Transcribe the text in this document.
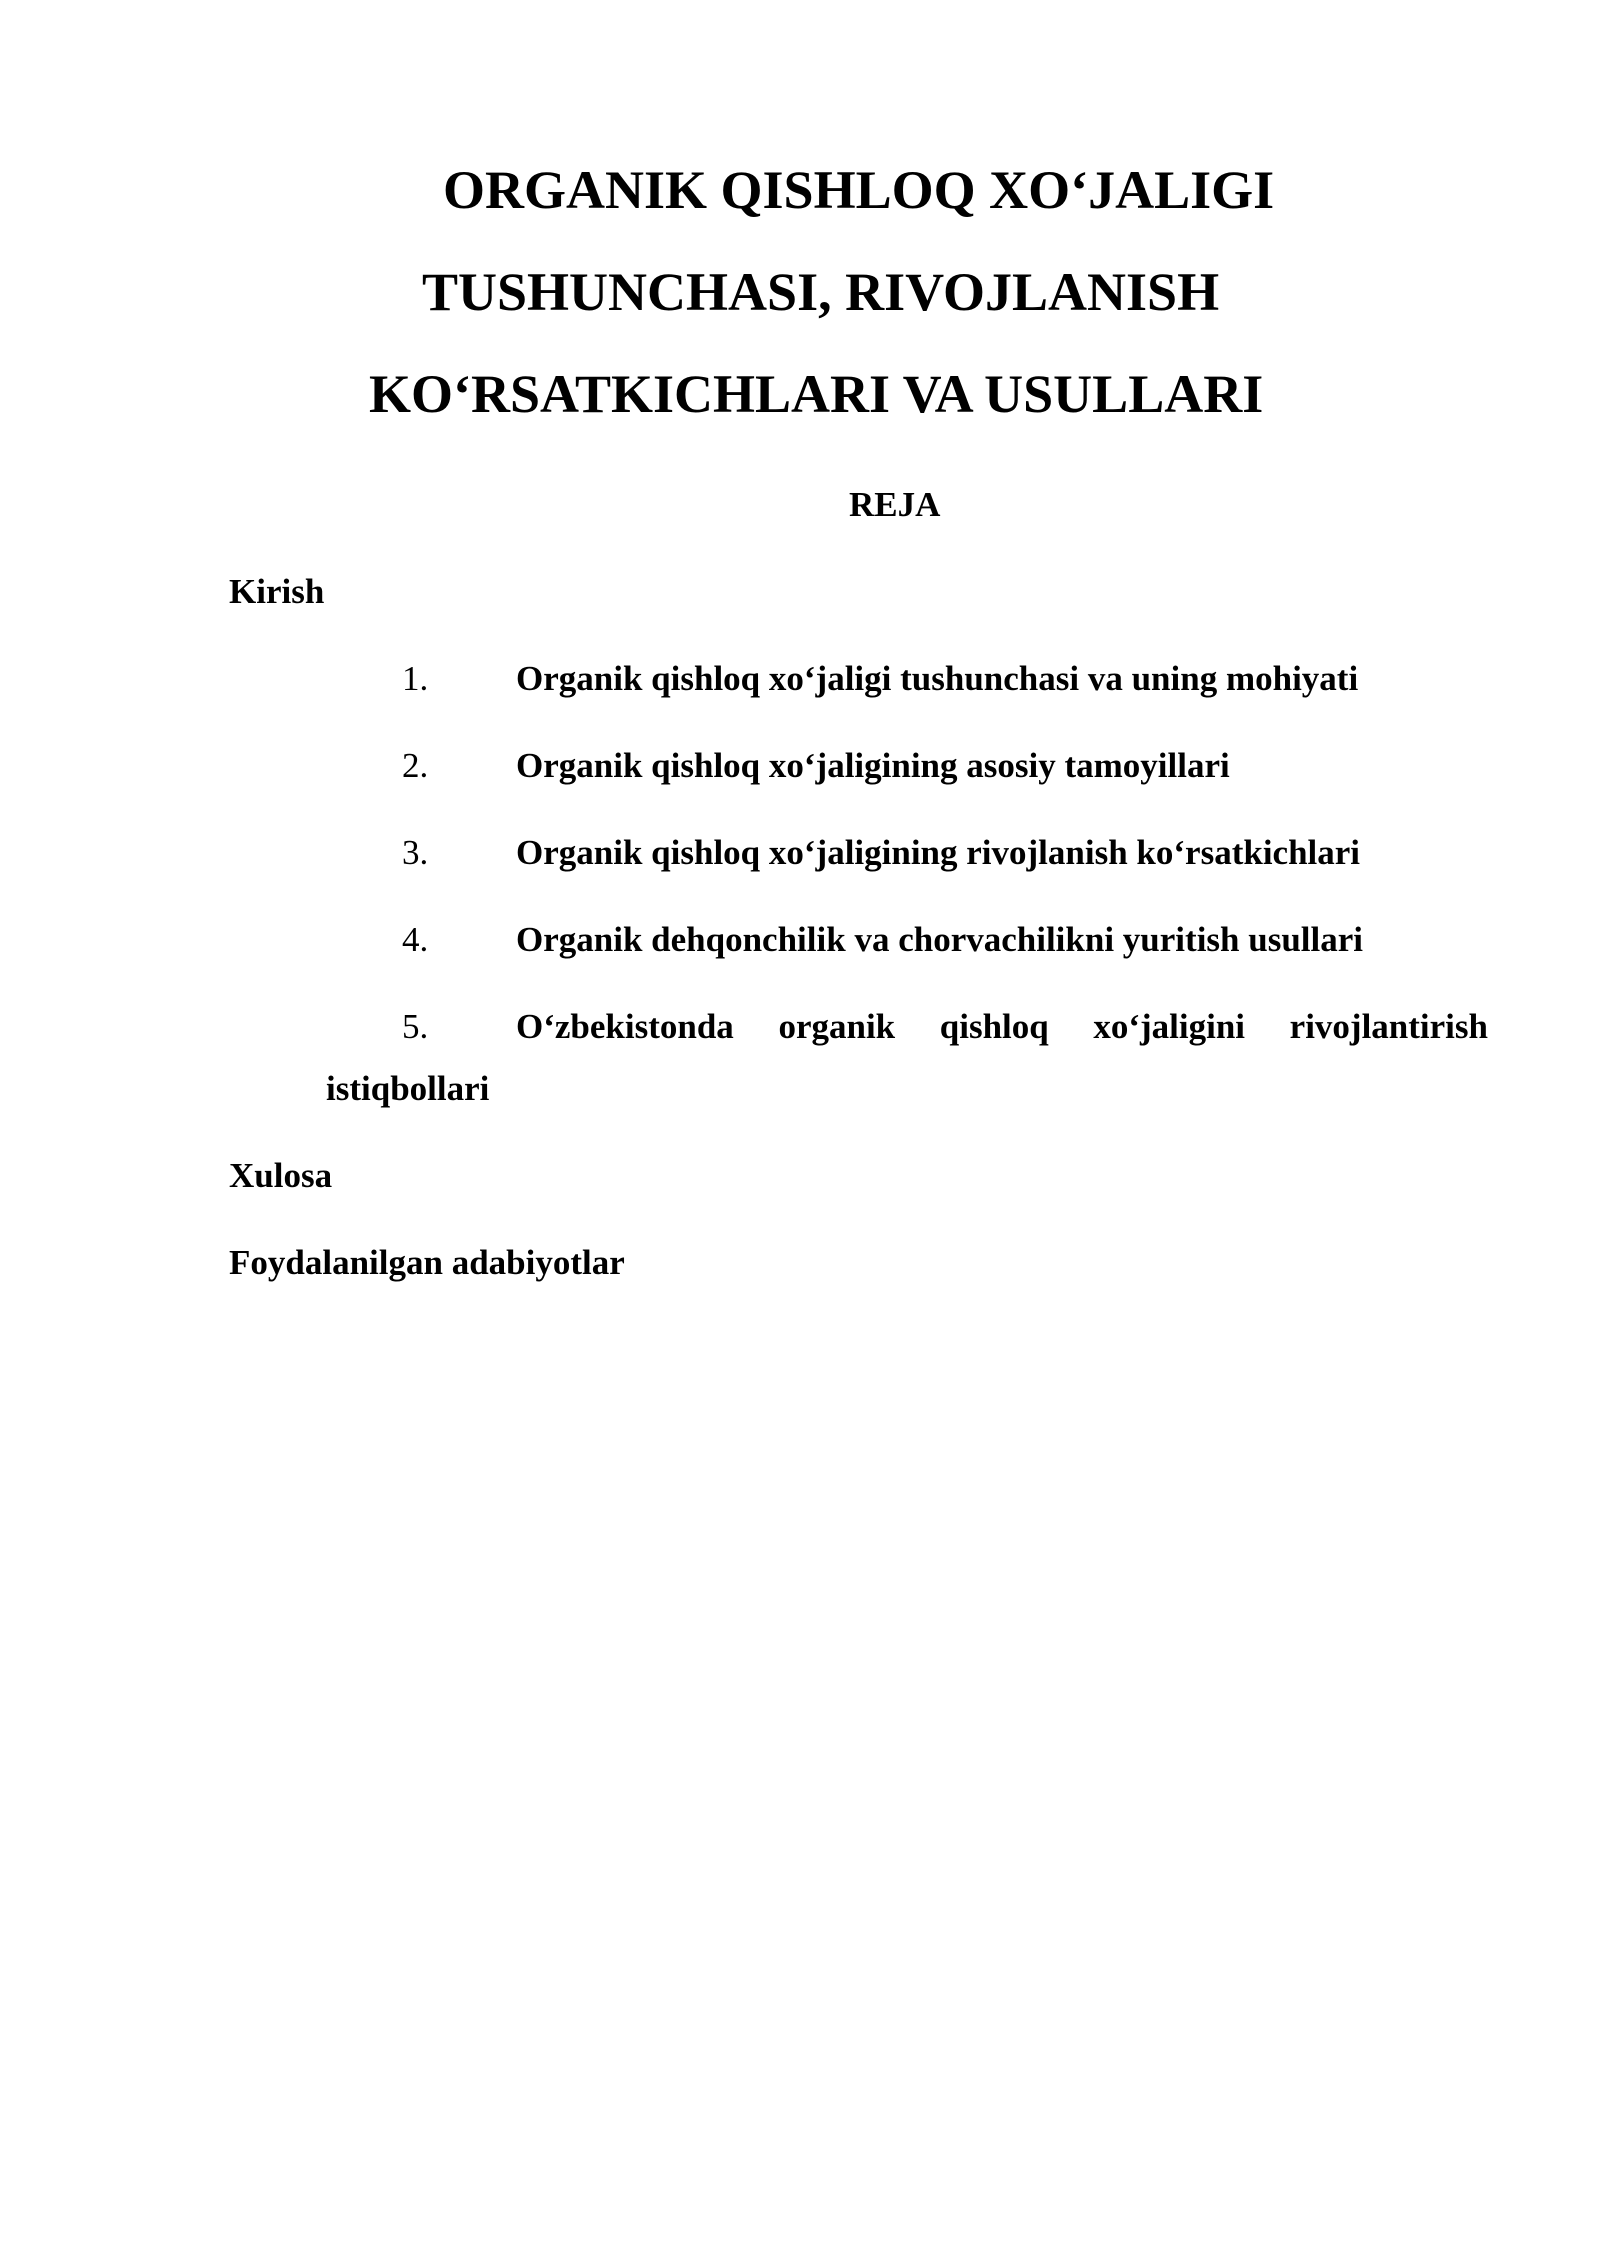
ORGANIK QISHLOQ XO‘JALIGI
TUSHUNCHASI, RIVOJLANISH
KO‘RSATKICHLARI VA USULLARI
REJA
Kirish
1.	Organik qishloq xo‘jaligi tushunchasi va uning mohiyati
2.	Organik qishloq xo‘jaligining asosiy tamoyillari
3.	Organik qishloq xo‘jaligining rivojlanish ko‘rsatkichlari
4.	Organik dehqonchilik va chorvachilikni yuritish usullari
5.	O‘zbekistonda organik qishloq xo‘jaligini rivojlantirish
istiqbollari
Xulosa
Foydalanilgan adabiyotlar
